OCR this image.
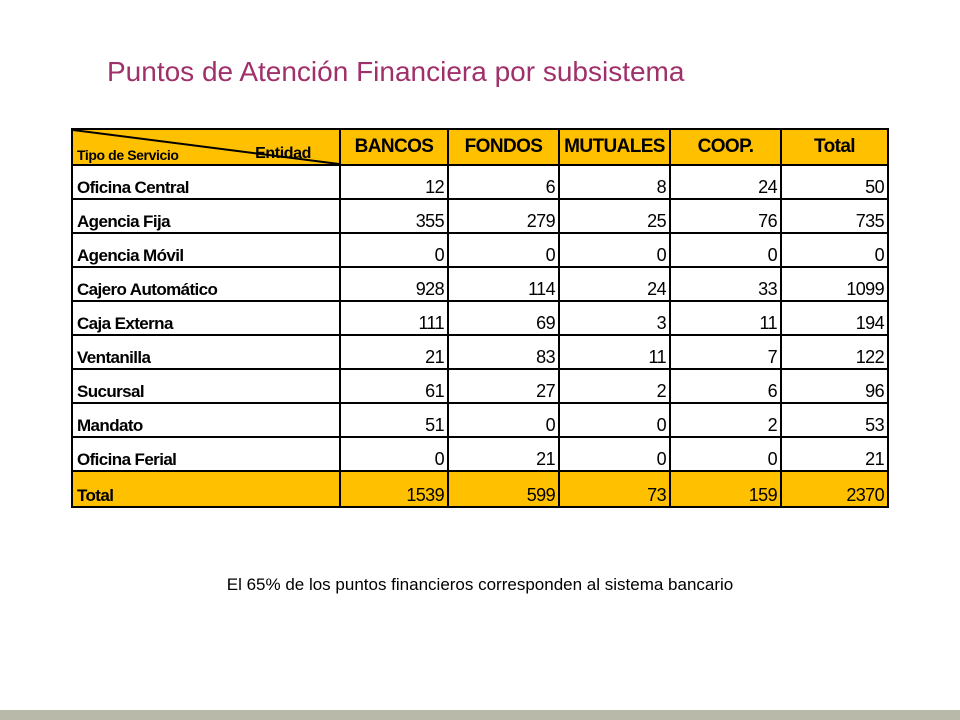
Puntos de Atención Financiera por subsistema
Tipo de Servicio Entidad	BANCOS	FONDOS	MUTUALES	COOP.	Total
Oficina Central	12	6	8	24	50
Agencia Fija	355	279	25	76	735
Agencia Móvil	0	0	0	0	0
Cajero Automático	928	114	24	33	1099
Caja Externa	111	69	3	11	194
Ventanilla	21	83	11	7	122
Sucursal	61	27	2	6	96
Mandato	51	0	0	2	53
Oficina Ferial	0	21	0	0	21
Total	1539	599	73	159	2370
El 65% de los puntos financieros corresponden al sistema bancario
